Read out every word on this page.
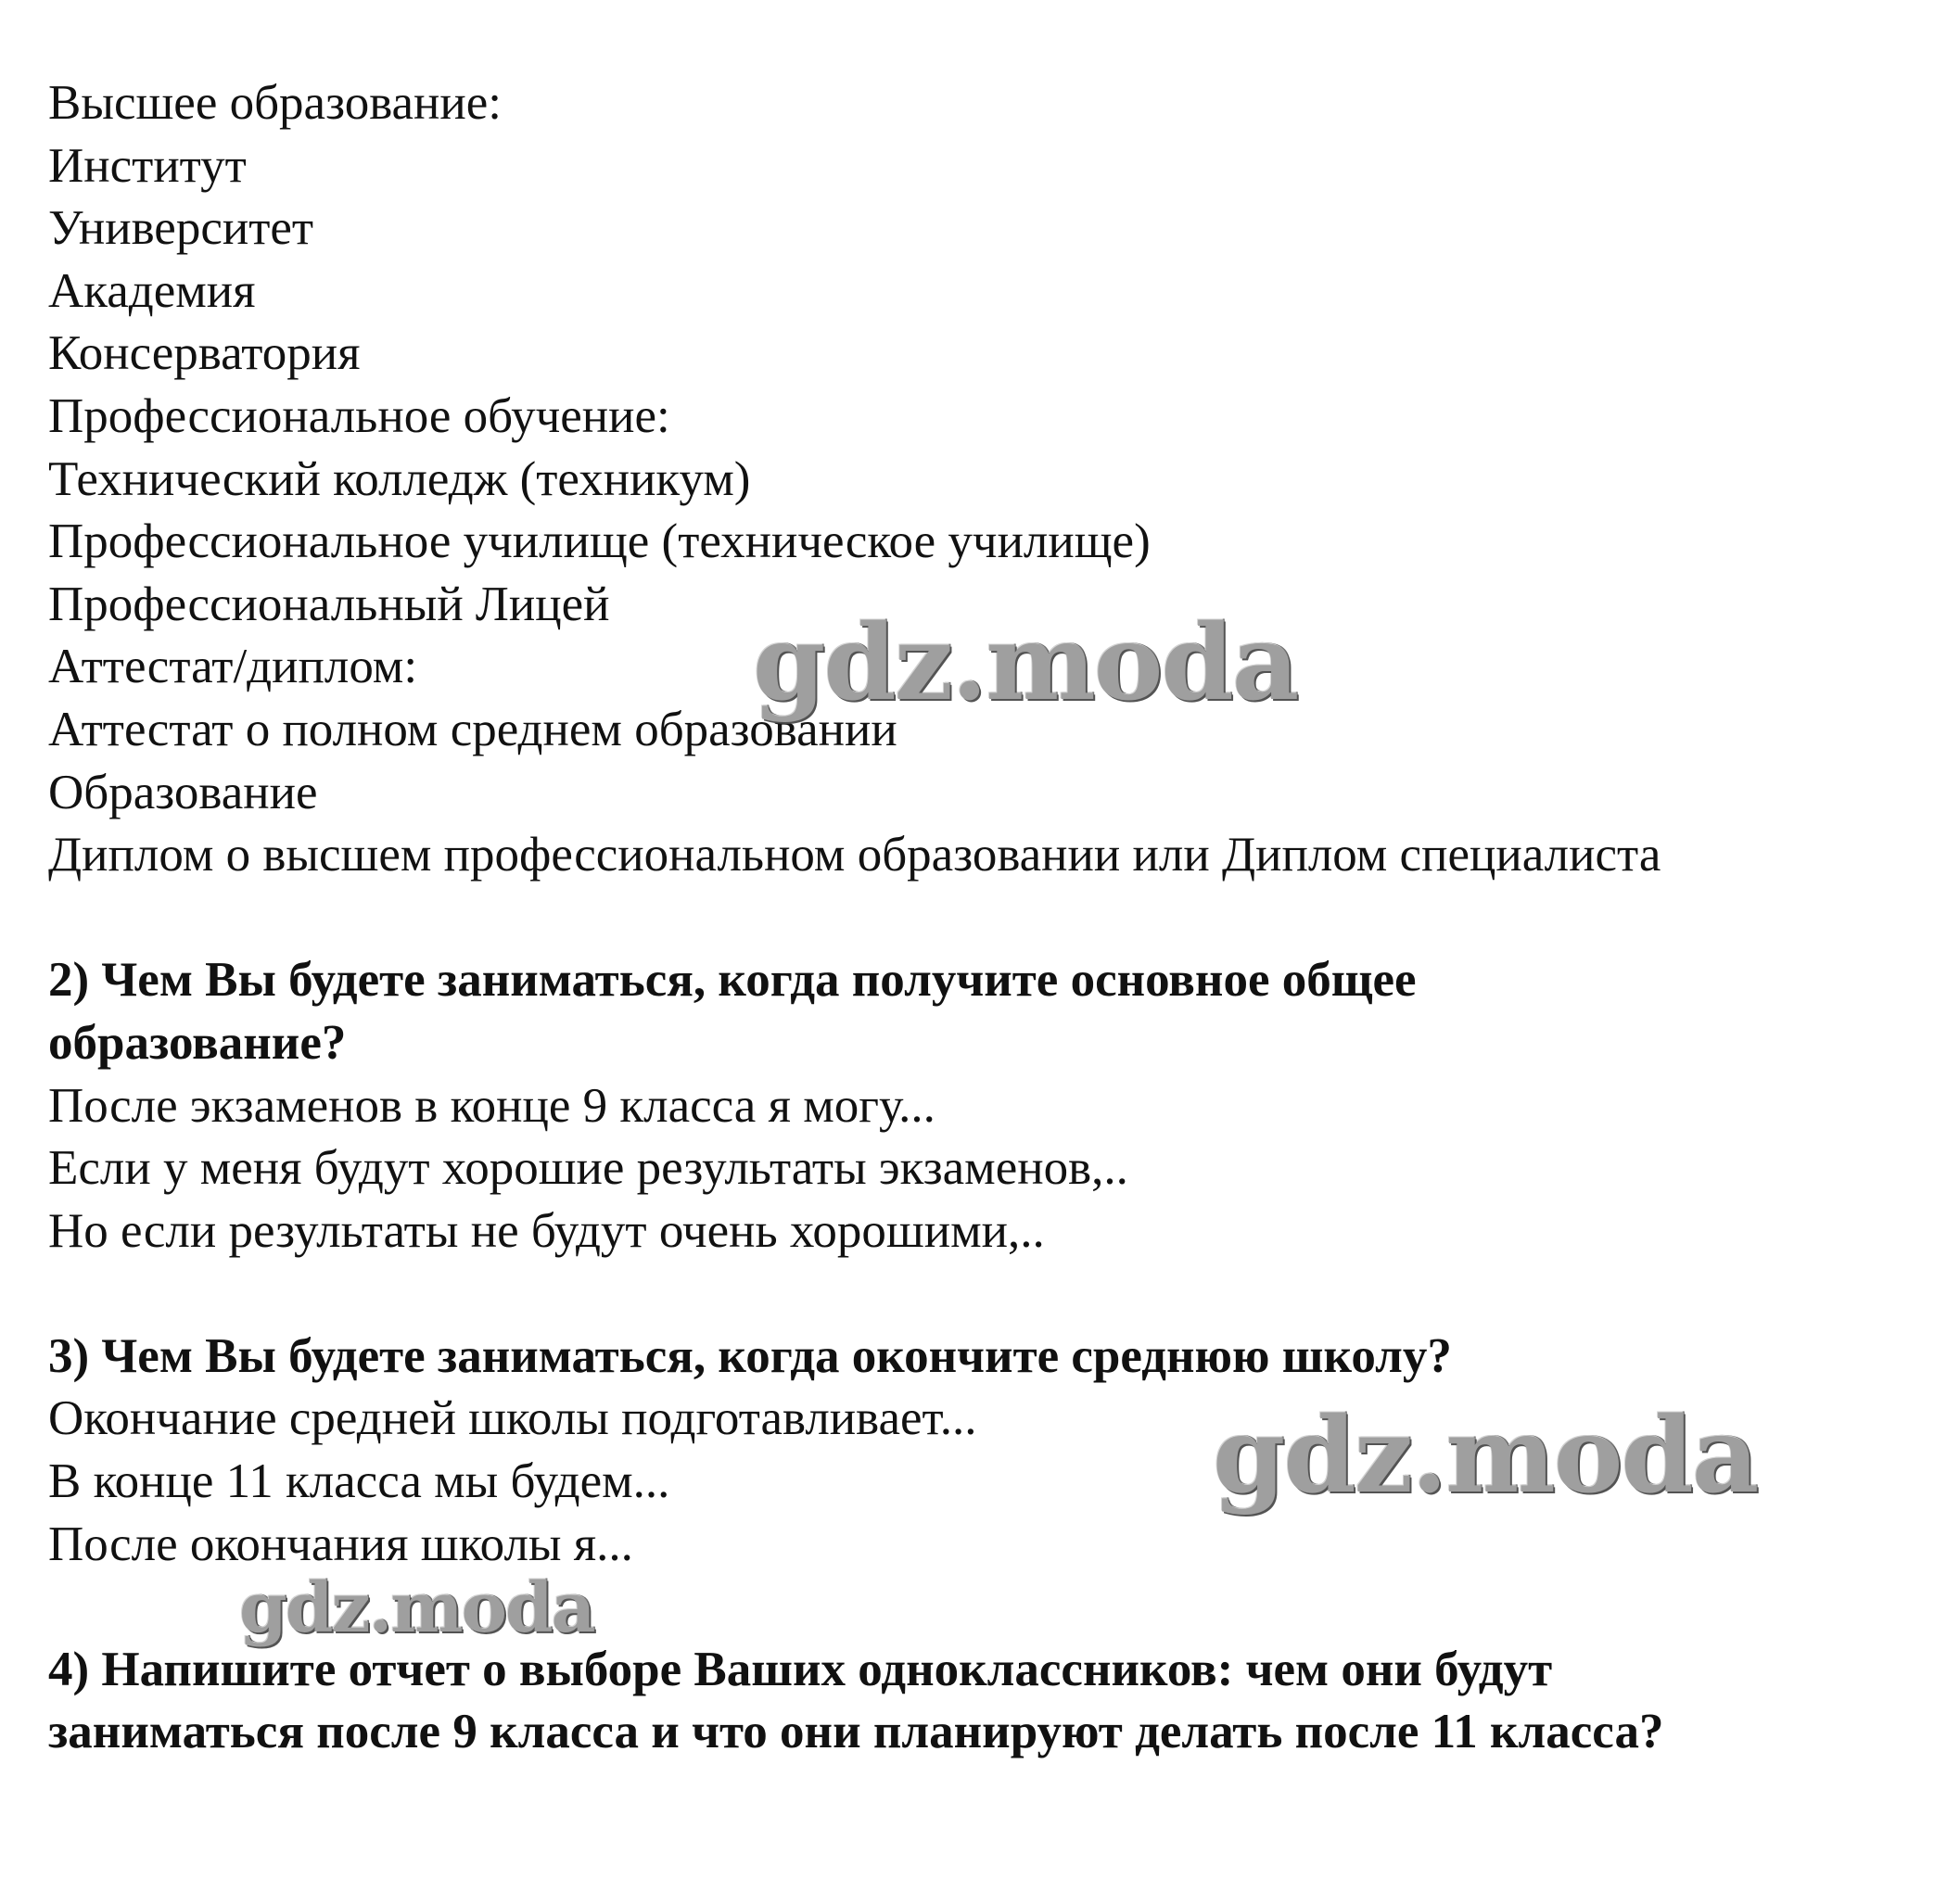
Высшее образование:
Институт
Университет
Академия
Консерватория
Профессиональное обучение:
Технический колледж (техникум)
Профессиональное училище (техническое училище)
Профессиональный Лицей
Аттестат/диплом:
Аттестат о полном среднем образовании
Образование
Диплом о высшем профессиональном образовании или Диплом специалиста
2) Чем Вы будете заниматься, когда получите основное общее
образование?
После экзаменов в конце 9 класса я могу...
Если у меня будут хорошие результаты экзаменов,..
Но если результаты не будут очень хорошими,..
3) Чем Вы будете заниматься, когда окончите среднюю школу?
Окончание средней школы подготавливает...
В конце 11 класса мы будем...
После окончания школы я...
4) Напишите отчет о выборе Ваших одноклассников: чем они будут
заниматься после 9 класса и что они планируют делать после 11 класса?
gdz.moda
gdz.moda
gdz.moda
